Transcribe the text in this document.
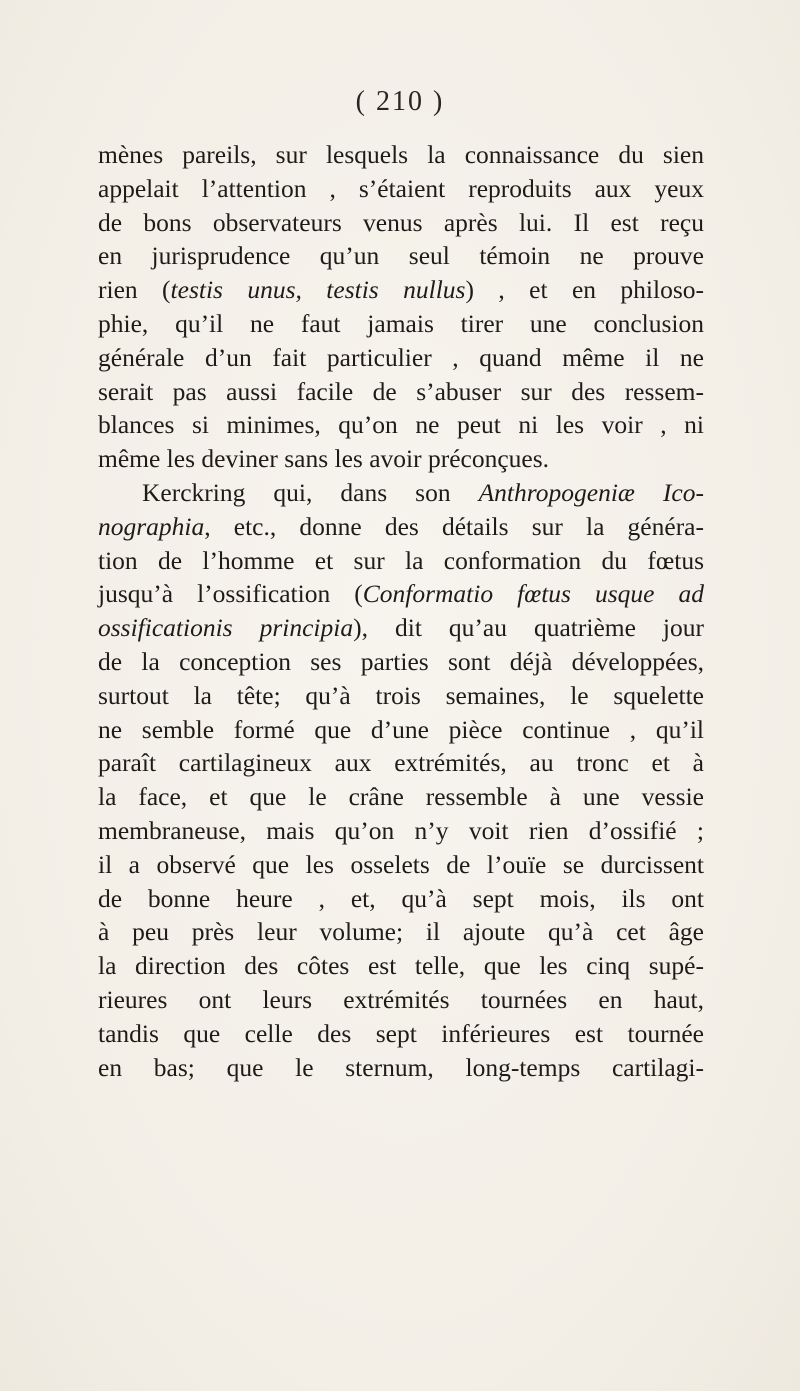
( 210 )
mènes pareils, sur lesquels la connaissance du sien
appelait l’attention , s’étaient reproduits aux yeux
de bons observateurs venus après lui. Il est reçu
en jurisprudence qu’un seul témoin ne prouve
rien (testis unus, testis nullus) , et en philoso-
phie, qu’il ne faut jamais tirer une conclusion
générale d’un fait particulier , quand même il ne
serait pas aussi facile de s’abuser sur des ressem-
blances si minimes, qu’on ne peut ni les voir , ni
même les deviner sans les avoir préconçues.
Kerckring qui, dans son Anthropogeniæ Ico-
nographia, etc., donne des détails sur la généra-
tion de l’homme et sur la conformation du fœtus
jusqu’à l’ossification (Conformatio fœtus usque ad
ossificationis principia), dit qu’au quatrième jour
de la conception ses parties sont déjà développées,
surtout la tête; qu’à trois semaines, le squelette
ne semble formé que d’une pièce continue , qu’il
paraît cartilagineux aux extrémités, au tronc et à
la face, et que le crâne ressemble à une vessie
membraneuse, mais qu’on n’y voit rien d’ossifié ;
il a observé que les osselets de l’ouïe se durcissent
de bonne heure , et, qu’à sept mois, ils ont
à peu près leur volume; il ajoute qu’à cet âge
la direction des côtes est telle, que les cinq supé-
rieures ont leurs extrémités tournées en haut,
tandis que celle des sept inférieures est tournée
en bas; que le sternum, long-temps cartilagi-
